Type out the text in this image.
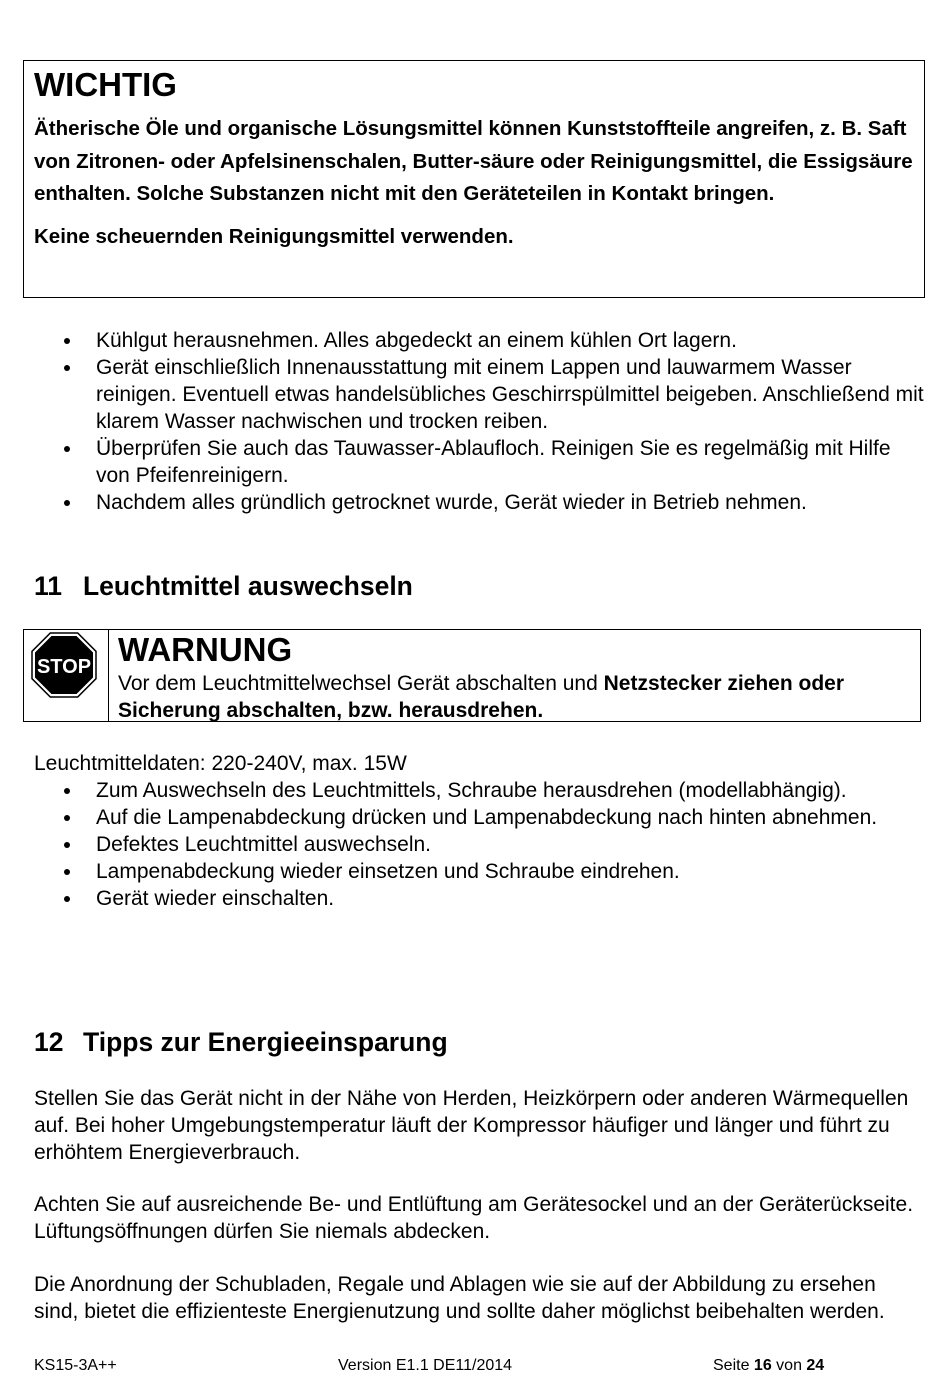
WICHTIG

Ätherische Öle und organische Lösungsmittel können Kunststoffteile angreifen, z. B. Saft von Zitronen- oder Apfelsinenschalen, Butter-säure oder Reinigungsmittel, die Essigsäure enthalten. Solche Substanzen nicht mit den Geräteteilen in Kontakt bringen.

Keine scheuernden Reinigungsmittel verwenden.

Kühlgut herausnehmen. Alles abgedeckt an einem kühlen Ort lagern.
Gerät einschließlich Innenausstattung mit einem Lappen und lauwarmem Wasser reinigen. Eventuell etwas handelsübliches Geschirrspülmittel beigeben. Anschließend mit klarem Wasser nachwischen und trocken reiben.
Überprüfen Sie auch das Tauwasser-Ablaufloch. Reinigen Sie es regelmäßig mit Hilfe von Pfeifenreinigern.
Nachdem alles gründlich getrocknet wurde, Gerät wieder in Betrieb nehmen.
11 Leuchtmittel auswechseln
STOP WARNUNG
Vor dem Leuchtmittelwechsel Gerät abschalten und Netzstecker ziehen oder Sicherung abschalten, bzw. herausdrehen.
Leuchtmitteldaten: 220-240V, max. 15W
Zum Auswechseln des Leuchtmittels, Schraube herausdrehen (modellabhängig).
Auf die Lampenabdeckung drücken und Lampenabdeckung nach hinten abnehmen.
Defektes Leuchtmittel auswechseln.
Lampenabdeckung wieder einsetzen und Schraube eindrehen.
Gerät wieder einschalten.
12 Tipps zur Energieeinsparung
Stellen Sie das Gerät nicht in der Nähe von Herden, Heizkörpern oder anderen Wärmequellen auf. Bei hoher Umgebungstemperatur läuft der Kompressor häufiger und länger und führt zu erhöhtem Energieverbrauch.
Achten Sie auf ausreichende Be- und Entlüftung am Gerätesockel und an der Geräterückseite. Lüftungsöffnungen dürfen Sie niemals abdecken.
Die Anordnung der Schubladen, Regale und Ablagen wie sie auf der Abbildung zu ersehen sind, bietet die effizienteste Energienutzung und sollte daher möglichst beibehalten werden.
KS15-3A++	Version E1.1 DE11/2014	Seite 16 von 24
